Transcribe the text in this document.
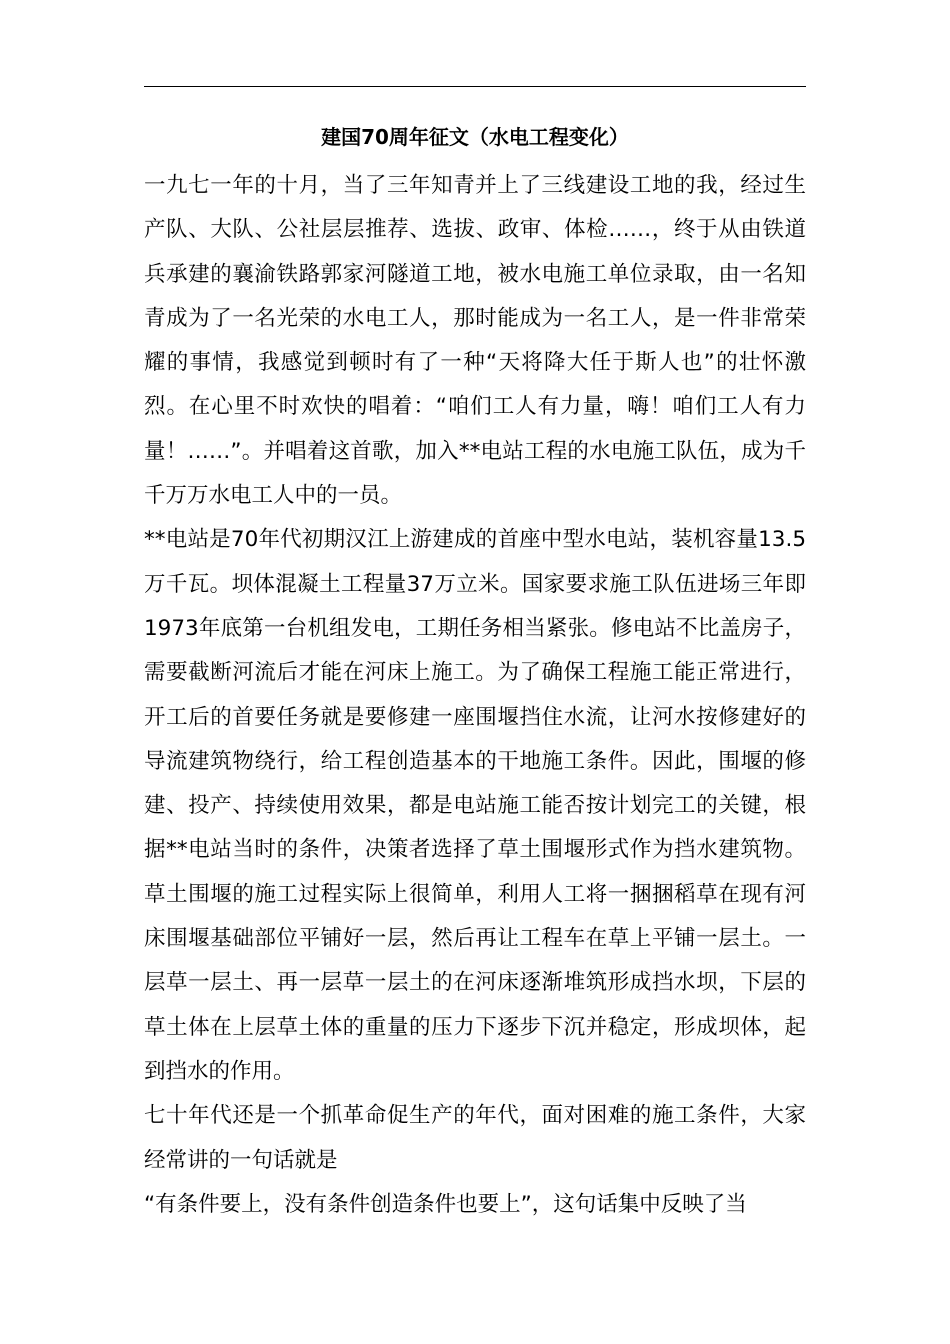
建国70周年征文（水电工程变化）

一九七一年的十月，当了三年知青并上了三线建设工地的我，经过生产队、大队、公社层层推荐、选拔、政审、体检……，终于从由铁道兵承建的襄渝铁路郭家河隧道工地，被水电施工单位录取，由一名知青成为了一名光荣的水电工人，那时能成为一名工人，是一件非常荣耀的事情，我感觉到顿时有了一种“天将降大任于斯人也”的壮怀激烈。在心里不时欢快的唱着：“咱们工人有力量，嗨！咱们工人有力量！……”。并唱着这首歌，加入**电站工程的水电施工队伍，成为千千万万水电工人中的一员。

**电站是70年代初期汉江上游建成的首座中型水电站，装机容量13.5万千瓦。坝体混凝土工程量37万立米。国家要求施工队伍进场三年即1973年底第一台机组发电，工期任务相当紧张。修电站不比盖房子，需要截断河流后才能在河床上施工。为了确保工程施工能正常进行，开工后的首要任务就是要修建一座围堰挡住水流，让河水按修建好的导流建筑物绕行，给工程创造基本的干地施工条件。因此，围堰的修建、投产、持续使用效果，都是电站施工能否按计划完工的关键，根据**电站当时的条件，决策者选择了草土围堰形式作为挡水建筑物。草土围堰的施工过程实际上很简单，利用人工将一捆捆稻草在现有河床围堰基础部位平铺好一层，然后再让工程车在草上平铺一层土。一层草一层土、再一层草一层土的在河床逐渐堆筑形成挡水坝，下层的草土体在上层草土体的重量的压力下逐步下沉并稳定，形成坝体，起到挡水的作用。

七十年代还是一个抓革命促生产的年代，面对困难的施工条件，大家经常讲的一句话就是

“有条件要上，没有条件创造条件也要上”，这句话集中反映了当
